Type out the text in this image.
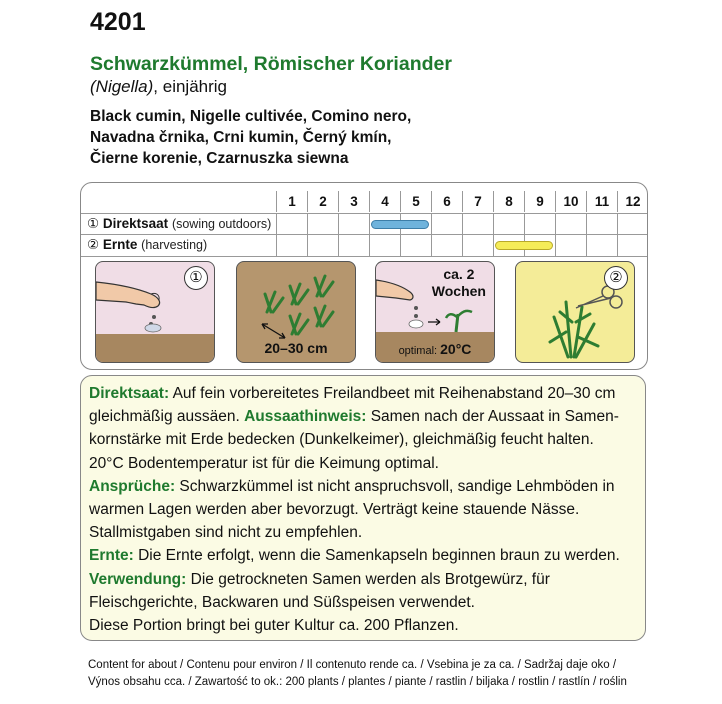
4201
Schwarzkümmel, Römischer Koriander
(Nigella), einjährig
Black cumin, Nigelle cultivée, Comino nero,
Navadna črnika, Crni kumin, Černý kmín,
Čierne korenie, Czarnuszka siewna
1	2	3	4	5	6	7	8	9	10	11	12
① Direktsaat (sowing outdoors)
② Ernte (harvesting)
①
20–30 cm
ca. 2
Wochen
optimal: 20°C
②

Direktsaat: Auf fein vorbereitetes Freilandbeet mit Reihenabstand 20–30 cm

gleichmäßig aussäen. Aussaathinweis: Samen nach der Aussaat in Samen-

kornstärke mit Erde bedecken (Dunkelkeimer), gleichmäßig feucht halten.

20°C Bodentemperatur ist für die Keimung optimal.

Ansprüche: Schwarzkümmel ist nicht anspruchsvoll, sandige Lehmböden in

warmen Lagen werden aber bevorzugt. Verträgt keine stauende Nässe.

Stallmistgaben sind nicht zu empfehlen.

Ernte: Die Ernte erfolgt, wenn die Samenkapseln beginnen braun zu werden.

Verwendung: Die getrockneten Samen werden als Brotgewürz, für

Fleischgerichte, Backwaren und Süßspeisen verwendet.

Diese Portion bringt bei guter Kultur ca. 200 Pflanzen.

Content for about / Contenu pour environ / Il contenuto rende ca. / Vsebina je za ca. / Sadržaj daje oko /
Výnos obsahu cca. / Zawartość to ok.: 200 plants / plantes / piante / rastlin / biljaka / rostlin / rastlín / roślin
